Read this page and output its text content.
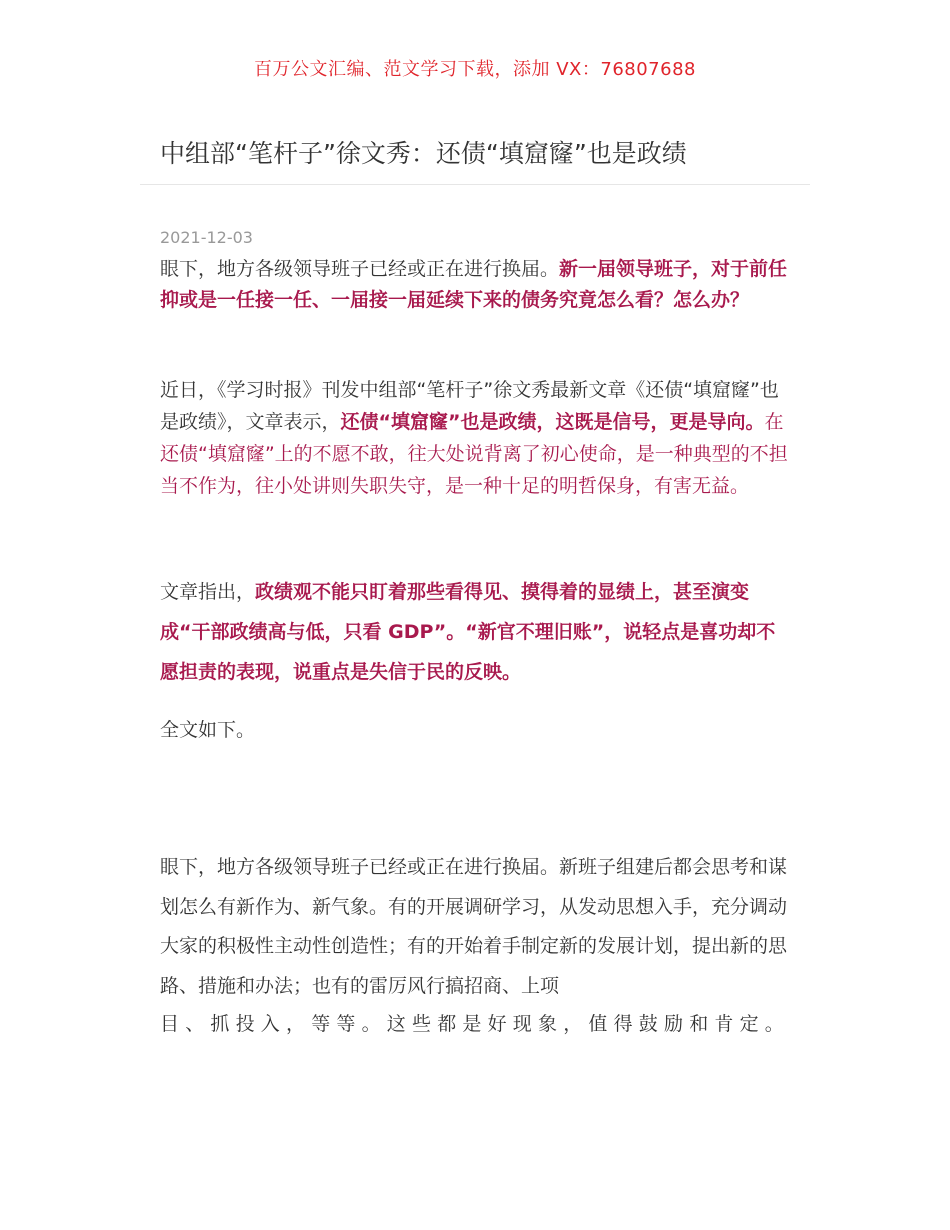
百万公文汇编、范文学习下载，添加 VX：76807688
中组部“笔杆子”徐文秀：还债“填窟窿”也是政绩
2021-12-03

眼下，地方各级领导班子已经或正在进行换届。新一届领导班子，对于前任抑或是一任接一任、一届接一届延续下来的债务究竟怎么看？怎么办？

近日，《学习时报》刊发中组部“笔杆子”徐文秀最新文章《还债“填窟窿”也是政绩》，文章表示，还债“填窟窿”也是政绩，这既是信号，更是导向。在还债“填窟窿”上的不愿不敢，往大处说背离了初心使命，是一种典型的不担当不作为，往小处讲则失职失守，是一种十足的明哲保身，有害无益。

文章指出，政绩观不能只盯着那些看得见、摸得着的显绩上，甚至演变成“干部政绩高与低，只看 GDP”。“新官不理旧账”，说轻点是喜功却不愿担责的表现，说重点是失信于民的反映。

全文如下。

眼下，地方各级领导班子已经或正在进行换届。新班子组建后都会思考和谋划怎么有新作为、新气象。有的开展调研学习，从发动思想入手，充分调动大家的积极性主动性创造性；有的开始着手制定新的发展计划，提出新的思路、措施和办法；也有的雷厉风行搞招商、上项

目、抓投入，等等。这些都是好现象，值得鼓励和肯定。
